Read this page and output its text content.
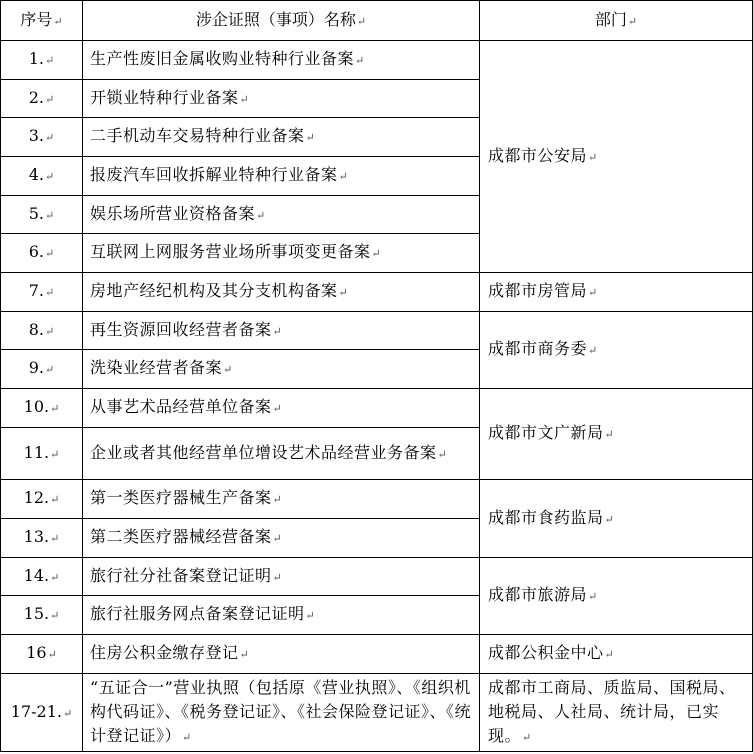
序号↵	涉企证照（事项）名称↵	部门↵
1.↵	生产性废旧金属收购业特种行业备案↵	成都市公安局↵
2.↵	开锁业特种行业备案↵	
3.↵	二手机动车交易特种行业备案↵	
4.↵	报废汽车回收拆解业特种行业备案↵	
5.↵	娱乐场所营业资格备案↵	
6.↵	互联网上网服务营业场所事项变更备案↵	
7.↵	房地产经纪机构及其分支机构备案↵	成都市房管局↵
8.↵	再生资源回收经营者备案↵	成都市商务委↵
9.↵	洗染业经营者备案↵	
10.↵	从事艺术品经营单位备案↵	成都市文广新局↵
11.↵	企业或者其他经营单位增设艺术品经营业务备案↵	
12.↵	第一类医疗器械生产备案↵	成都市食药监局↵
13.↵	第二类医疗器械经营备案↵	
14.↵	旅行社分社备案登记证明↵	成都市旅游局↵
15.↵	旅行社服务网点备案登记证明↵	
16↵	住房公积金缴存登记↵	成都公积金中心↵
17-21.↵	“五证合一”营业执照（包括原《营业执照》、《组织机构代码证》、《税务登记证》、《社会保险登记证》、《统计登记证》）↵	成都市工商局、质监局、国税局、地税局、人社局、统计局，已实现。↵
